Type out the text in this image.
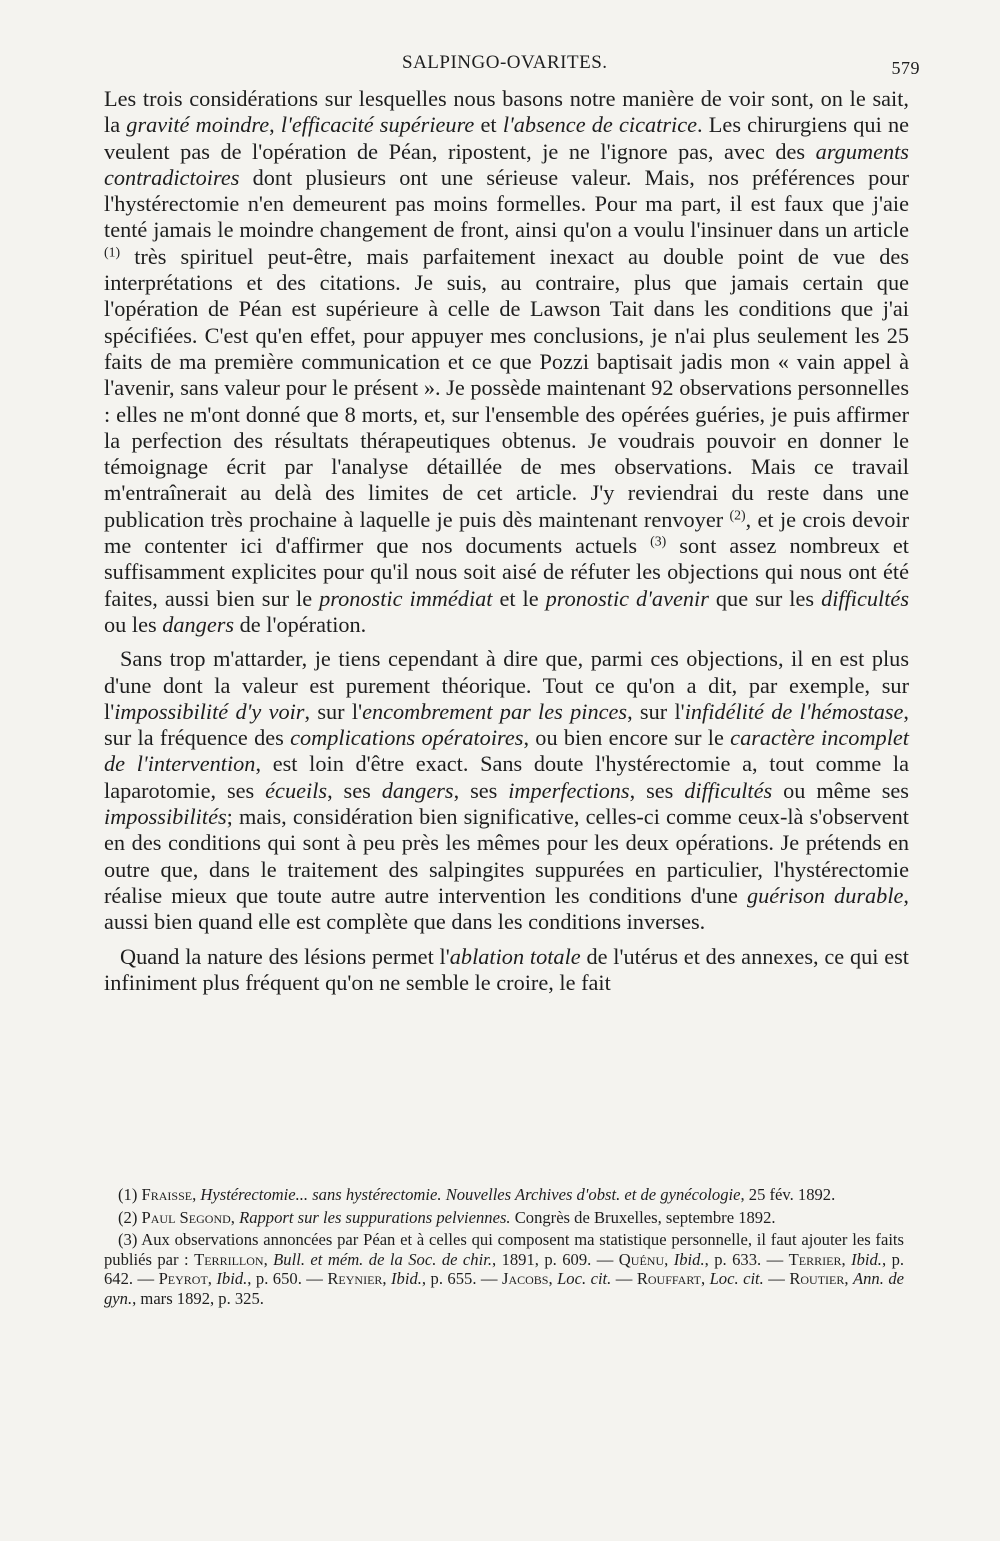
SALPINGO-OVARITES.	579

Les trois considérations sur lesquelles nous basons notre manière de voir sont, on le sait, la gravité moindre, l'efficacité supérieure et l'absence de cicatrice. Les chirurgiens qui ne veulent pas de l'opération de Péan, ripostent, je ne l'ignore pas, avec des arguments contradictoires dont plusieurs ont une sérieuse valeur. Mais, nos préférences pour l'hystérectomie n'en demeurent pas moins formelles. Pour ma part, il est faux que j'aie tenté jamais le moindre changement de front, ainsi qu'on a voulu l'insinuer dans un article $^{(1)}$ très spirituel peut-être, mais parfaitement inexact au double point de vue des interprétations et des citations. Je suis, au contraire, plus que jamais certain que l'opération de Péan est supérieure à celle de Lawson Tait dans les conditions que j'ai spécifiées. C'est qu'en effet, pour appuyer mes conclusions, je n'ai plus seulement les 25 faits de ma première communication et ce que Pozzi baptisait jadis mon « vain appel à l'avenir, sans valeur pour le présent ». Je possède maintenant 92 observations personnelles : elles ne m'ont donné que 8 morts, et, sur l'ensemble des opérées guéries, je puis affirmer la perfection des résultats thérapeutiques obtenus. Je voudrais pouvoir en donner le témoignage écrit par l'analyse détaillée de mes observations. Mais ce travail m'entraînerait au delà des limites de cet article. J'y reviendrai du reste dans une publication très prochaine à laquelle je puis dès maintenant renvoyer $^{(2)}$, et je crois devoir me contenter ici d'affirmer que nos documents actuels $^{(3)}$ sont assez nombreux et suffisamment explicites pour qu'il nous soit aisé de réfuter les objections qui nous ont été faites, aussi bien sur le pronostic immédiat et le pronostic d'avenir que sur les difficultés ou les dangers de l'opération.

Sans trop m'attarder, je tiens cependant à dire que, parmi ces objections, il en est plus d'une dont la valeur est purement théorique. Tout ce qu'on a dit, par exemple, sur l'impossibilité d'y voir, sur l'encombrement par les pinces, sur l'infidélité de l'hémostase, sur la fréquence des complications opératoires, ou bien encore sur le caractère incomplet de l'intervention, est loin d'être exact. Sans doute l'hystérectomie a, tout comme la laparotomie, ses écueils, ses dangers, ses imperfections, ses difficultés ou même ses impossibilités; mais, considération bien significative, celles-ci comme ceux-là s'observent en des conditions qui sont à peu près les mêmes pour les deux opérations. Je prétends en outre que, dans le traitement des salpingites suppurées en particulier, l'hystérectomie réalise mieux que toute autre autre intervention les conditions d'une guérison durable, aussi bien quand elle est complète que dans les conditions inverses.

Quand la nature des lésions permet l'ablation totale de l'utérus et des annexes, ce qui est infiniment plus fréquent qu'on ne semble le croire, le fait

(1) Fraisse, Hystérectomie... sans hystérectomie. Nouvelles Archives d'obst. et de gynécologie, 25 fév. 1892.

(2) Paul Segond, Rapport sur les suppurations pelviennes. Congrès de Bruxelles, septembre 1892.

(3) Aux observations annoncées par Péan et à celles qui composent ma statistique personnelle, il faut ajouter les faits publiés par : Terrillon, Bull. et mém. de la Soc. de chir., 1891, p. 609. — Quénu, Ibid., p. 633. — Terrier, Ibid., p. 642. — Peyrot, Ibid., p. 650. — Reynier, Ibid., p. 655. — Jacobs, Loc. cit. — Rouffart, Loc. cit. — Routier, Ann. de gyn., mars 1892, p. 325.
